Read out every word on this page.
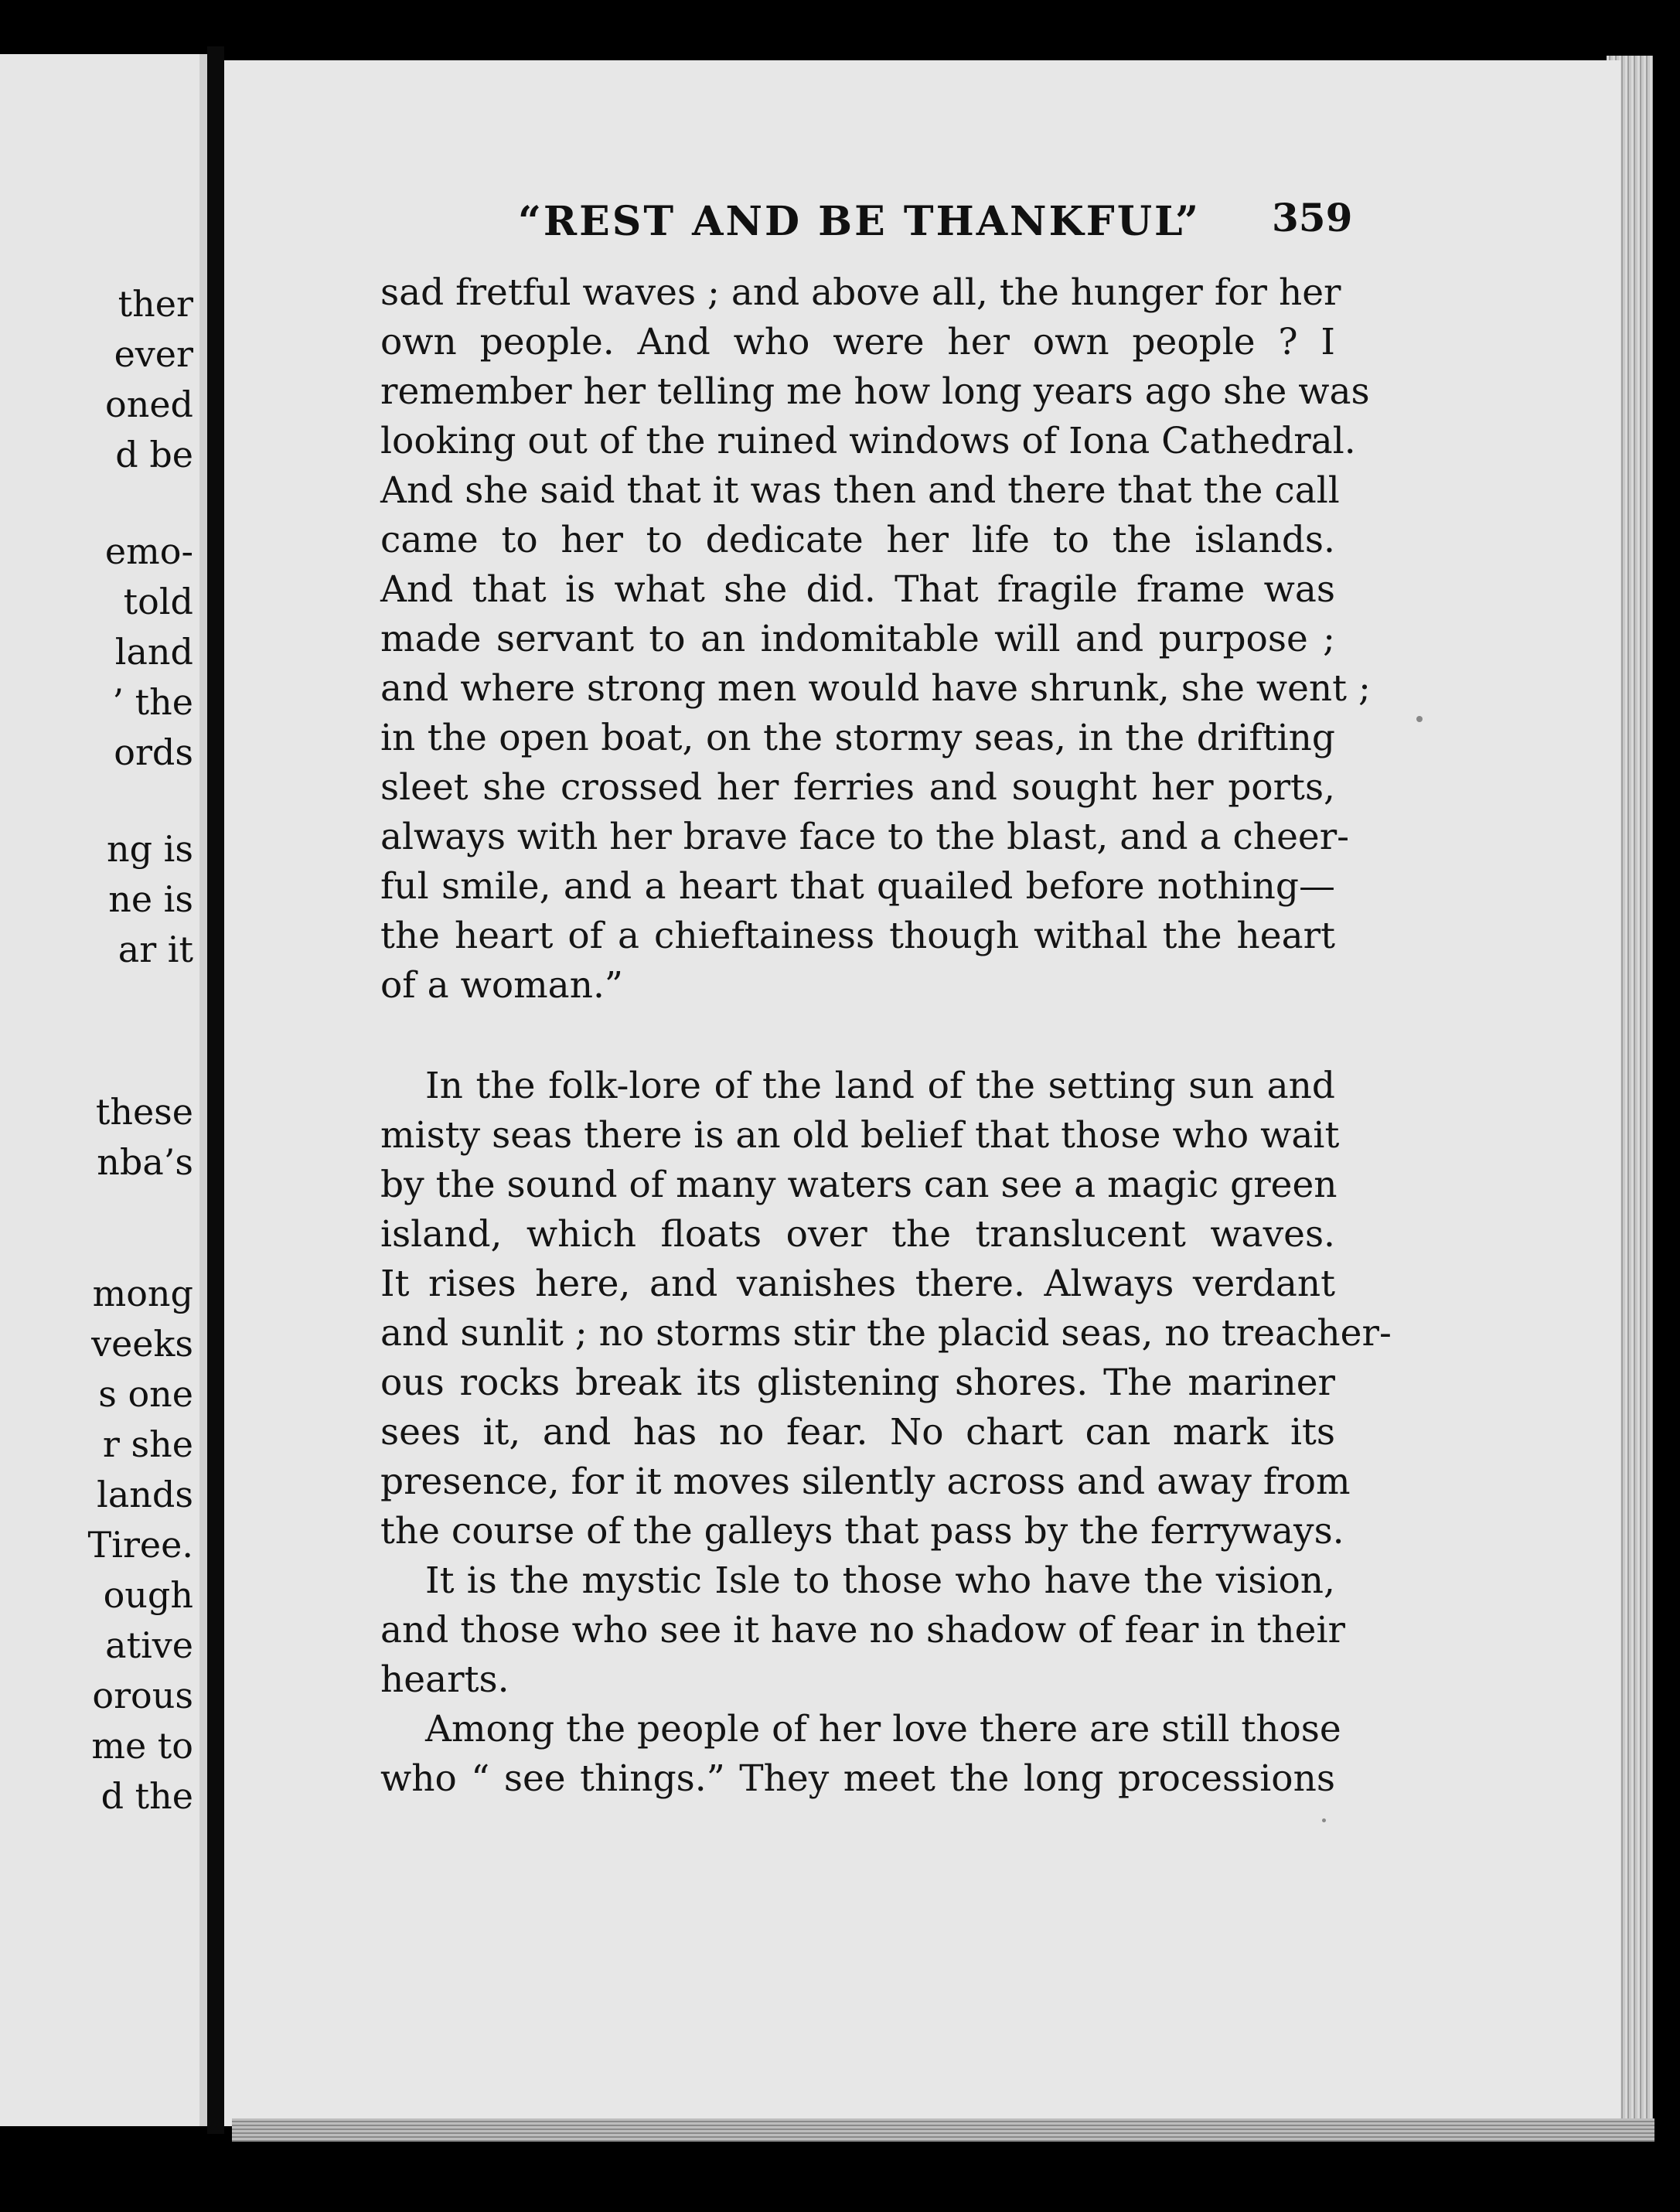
ther
ever
oned
d be
emo-
told
land
’ the
ords
ng is
ne is
ar it
these
nba’s
mong
veeks
s one
r she
lands
Tiree.
ough
ative
orous
me to
d the
“REST AND BE THANKFUL” 359
sad fretful waves ; and above all, the hunger for her
own people. And who were her own people ? I
remember her telling me how long years ago she was
looking out of the ruined windows of Iona Cathedral.
And she said that it was then and there that the call
came to her to dedicate her life to the islands.
And that is what she did. That fragile frame was
made servant to an indomitable will and purpose ;
and where strong men would have shrunk, she went ;
in the open boat, on the stormy seas, in the drifting
sleet she crossed her ferries and sought her ports,
always with her brave face to the blast, and a cheer-
ful smile, and a heart that quailed before nothing—
the heart of a chieftainess though withal the heart
of a woman.”
In the folk-lore of the land of the setting sun and
misty seas there is an old belief that those who wait
by the sound of many waters can see a magic green
island, which floats over the translucent waves.
It rises here, and vanishes there. Always verdant
and sunlit ; no storms stir the placid seas, no treacher-
ous rocks break its glistening shores. The mariner
sees it, and has no fear. No chart can mark its
presence, for it moves silently across and away from
the course of the galleys that pass by the ferryways.
It is the mystic Isle to those who have the vision,
and those who see it have no shadow of fear in their
hearts.
Among the people of her love there are still those
who “ see things.” They meet the long processions
